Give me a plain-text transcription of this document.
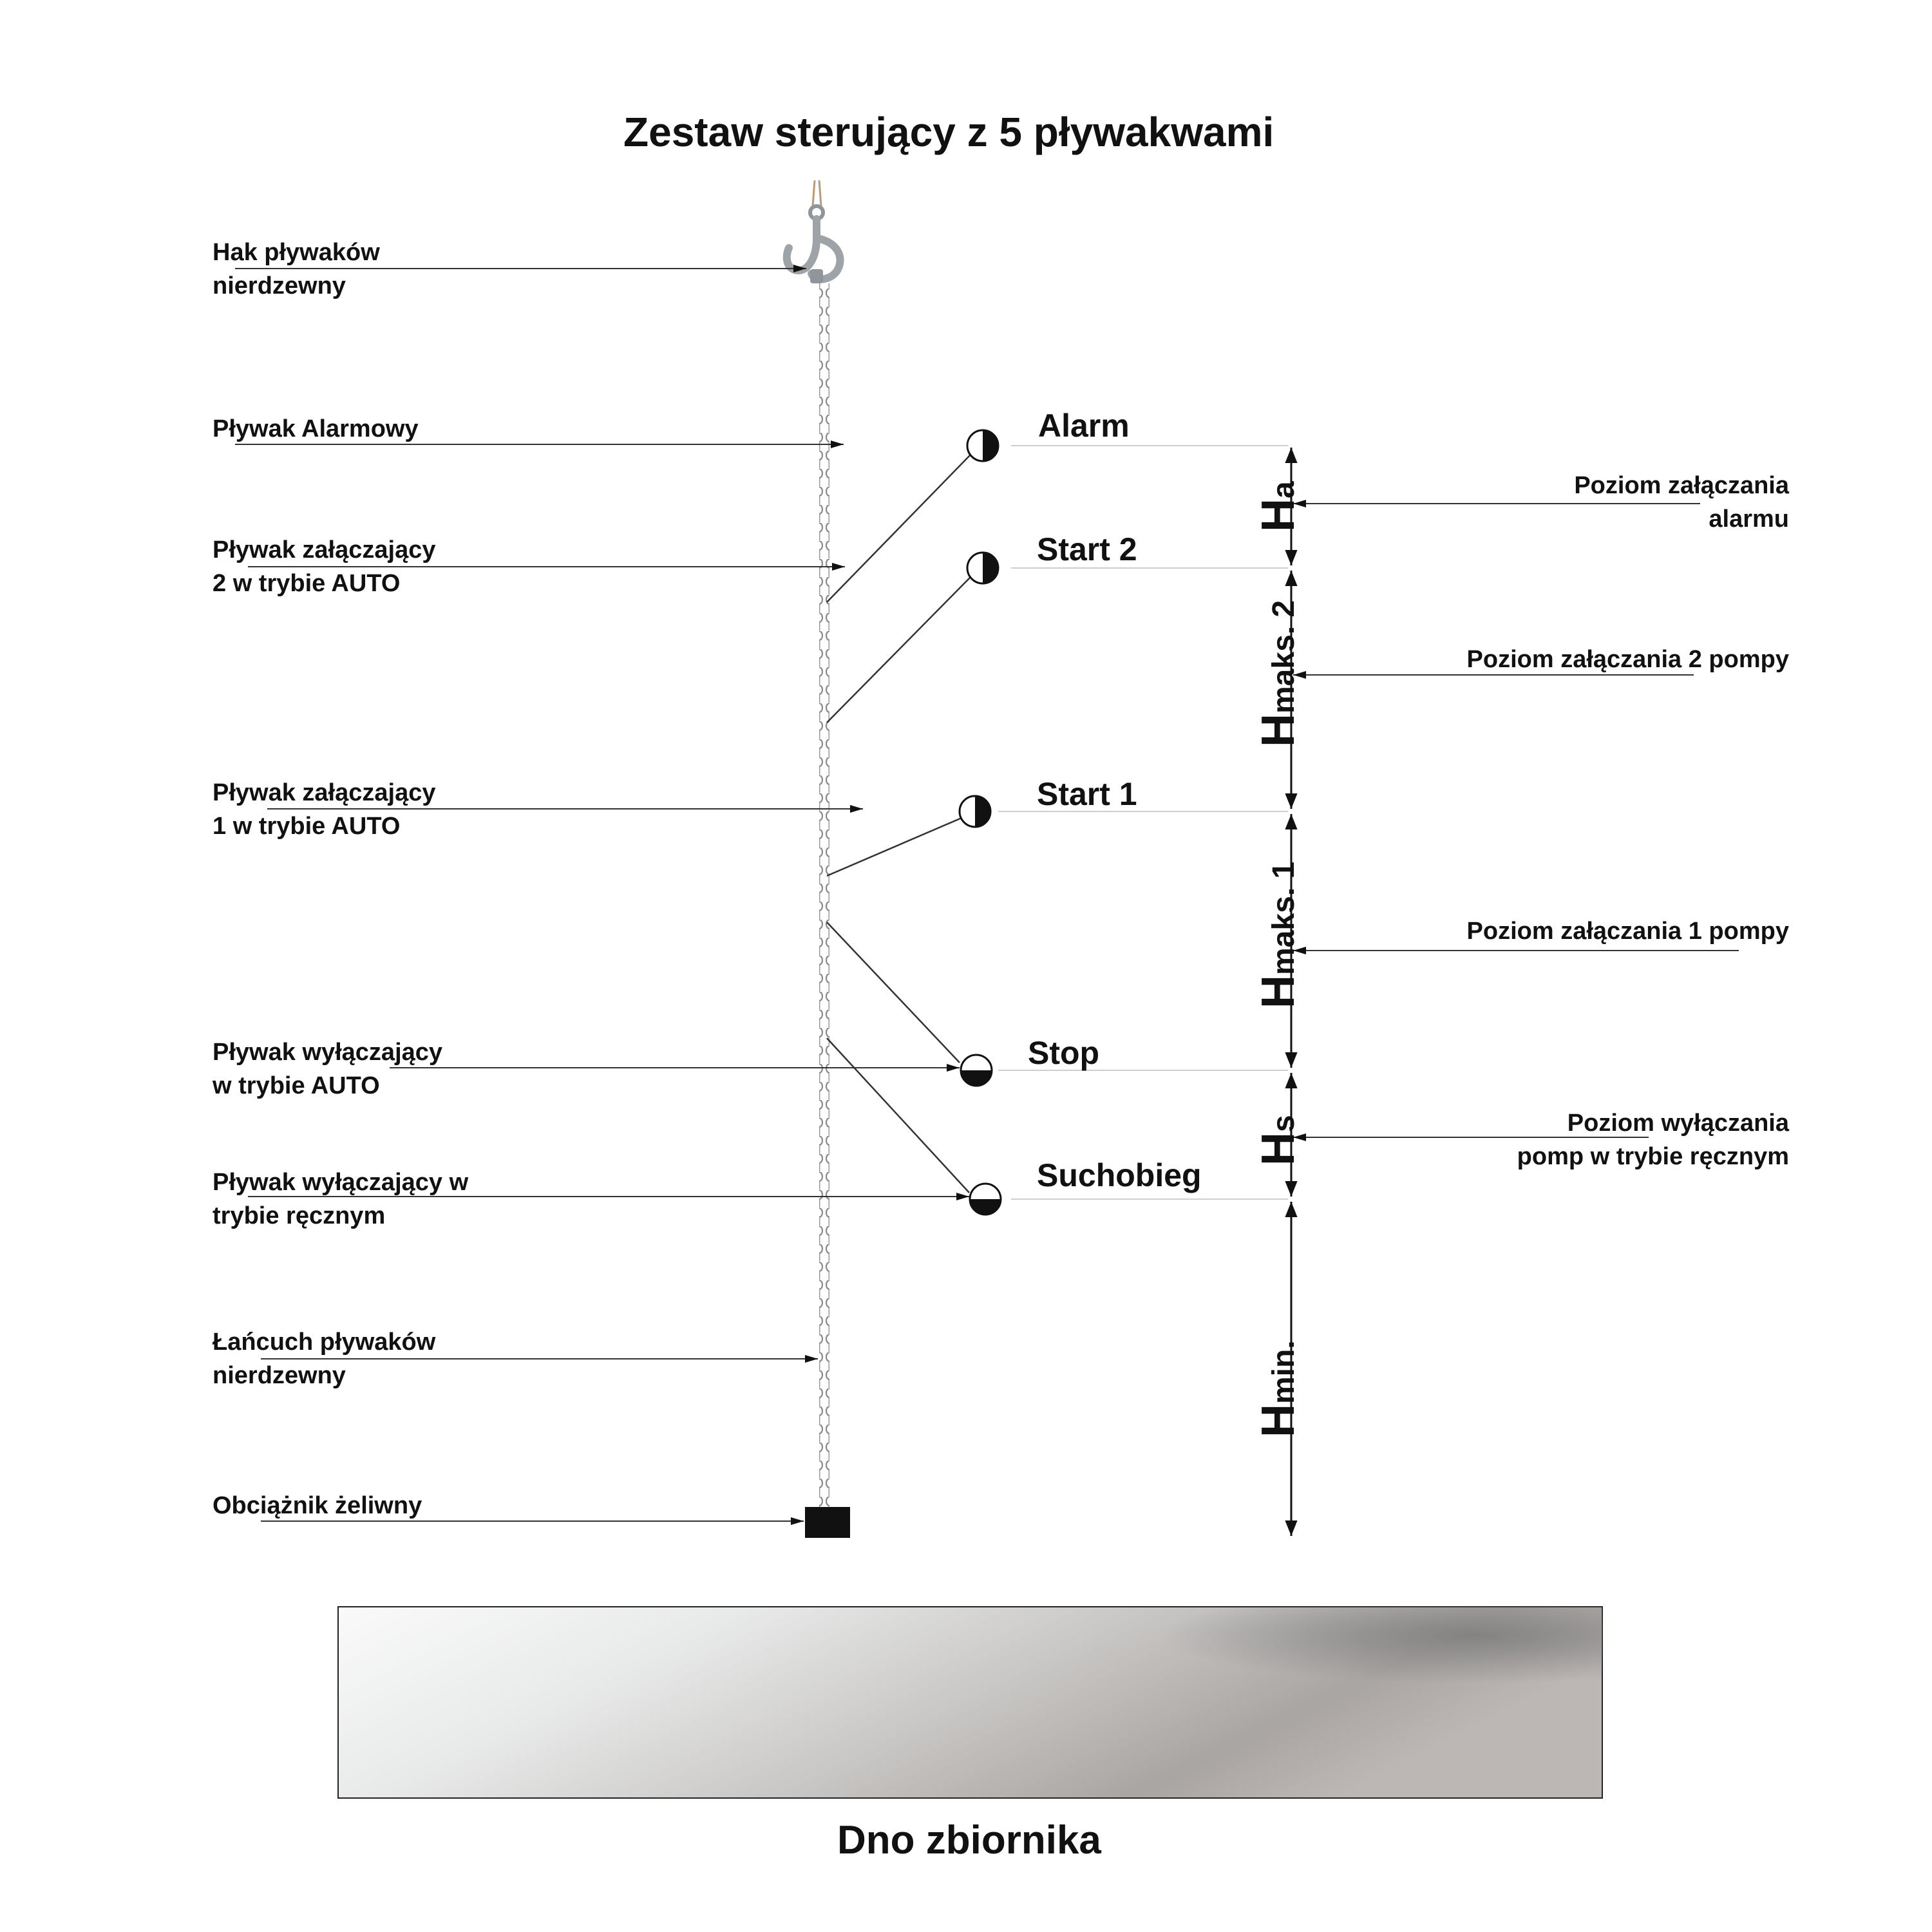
Zestaw sterujący z 5 pływakwami
Hak pływaków
nierdzewny
Pływak Alarmowy
Pływak załączający
2 w trybie AUTO
Pływak załączający
1 w trybie AUTO
Pływak wyłączający
w trybie AUTO
Pływak wyłączający w
trybie ręcznym
Łańcuch pływaków
nierdzewny
Obciążnik żeliwny
Alarm
Start 2
Start 1
Stop
Suchobieg
Poziom załączania
alarmu
Poziom załączania 2 pompy
Poziom załączania 1 pompy
Poziom wyłączania
pomp w trybie ręcznym
Ha
Hmaks. 2
Hmaks. 1
Hs
Hmin.
Dno zbiornika
